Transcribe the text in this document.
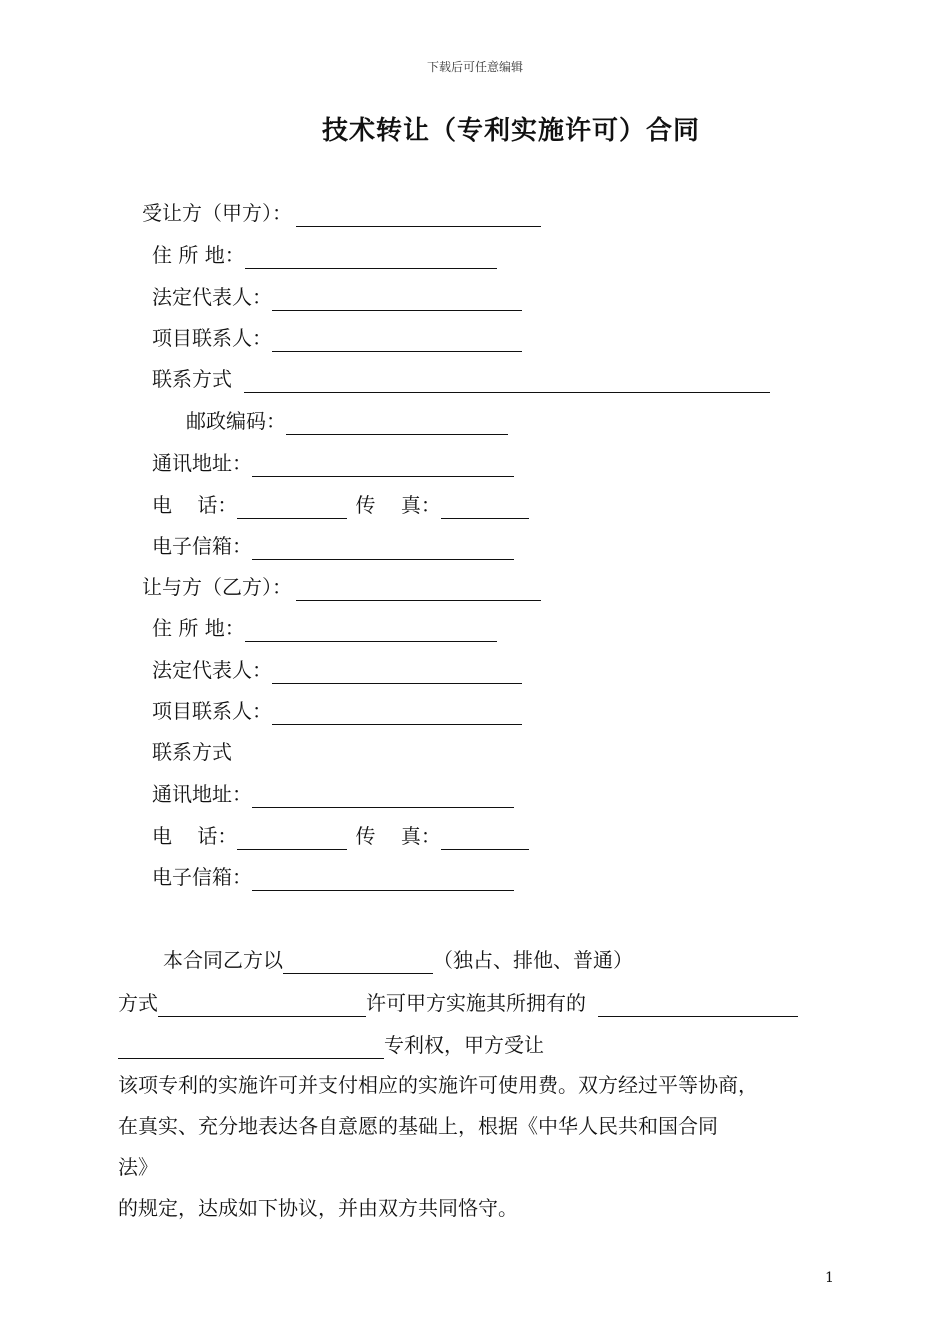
下载后可任意编辑
技术转让（专利实施许可）合同
受让方（甲方）：
住 所 地：
法定代表人：
项目联系人：
联系方式
邮政编码：
通讯地址：
电    话：	传    真：
电子信箱：
让与方（乙方）：
住 所 地：
法定代表人：
项目联系人：
联系方式
通讯地址：
电    话：	传    真：
电子信箱：
本合同乙方以	（独占、排他、普通）
方式	许可甲方实施其所拥有的
专利权，甲方受让
该项专利的实施许可并支付相应的实施许可使用费。双方经过平等协商，
在真实、充分地表达各自意愿的基础上，根据《中华人民共和国合同
法》
的规定，达成如下协议，并由双方共同恪守。
1
